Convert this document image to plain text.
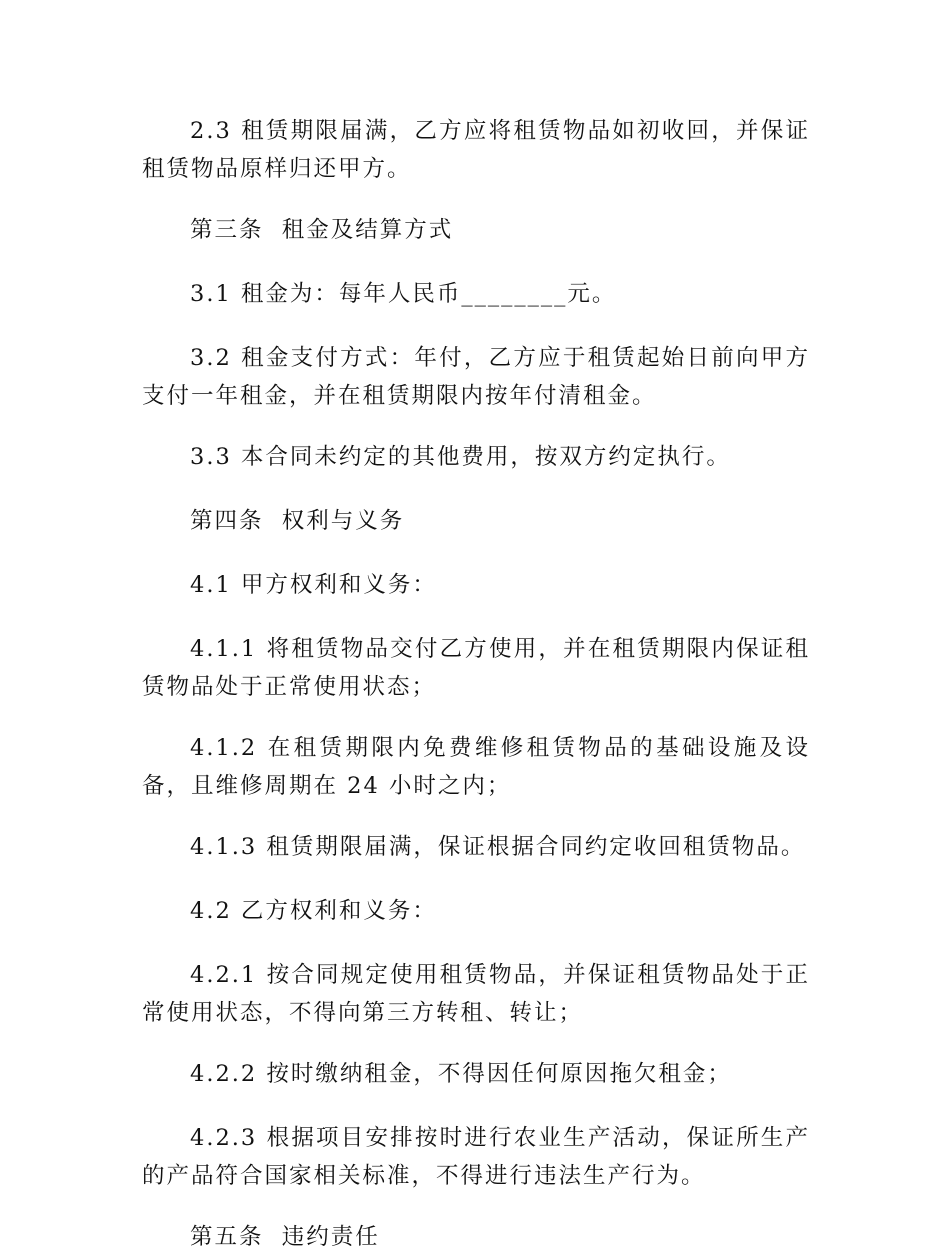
2.3 租赁期限届满，乙方应将租赁物品如初收回，并保证租赁物品原样归还甲方。

第三条  租金及结算方式

3.1 租金为：每年人民币________元。

3.2 租金支付方式：年付，乙方应于租赁起始日前向甲方支付一年租金，并在租赁期限内按年付清租金。

3.3 本合同未约定的其他费用，按双方约定执行。

第四条  权利与义务

4.1 甲方权利和义务：

4.1.1 将租赁物品交付乙方使用，并在租赁期限内保证租赁物品处于正常使用状态；

4.1.2 在租赁期限内免费维修租赁物品的基础设施及设备，且维修周期在 24 小时之内；

4.1.3 租赁期限届满，保证根据合同约定收回租赁物品。

4.2 乙方权利和义务：

4.2.1 按合同规定使用租赁物品，并保证租赁物品处于正常使用状态，不得向第三方转租、转让；

4.2.2 按时缴纳租金，不得因任何原因拖欠租金；

4.2.3 根据项目安排按时进行农业生产活动，保证所生产的产品符合国家相关标准，不得进行违法生产行为。

第五条  违约责任
